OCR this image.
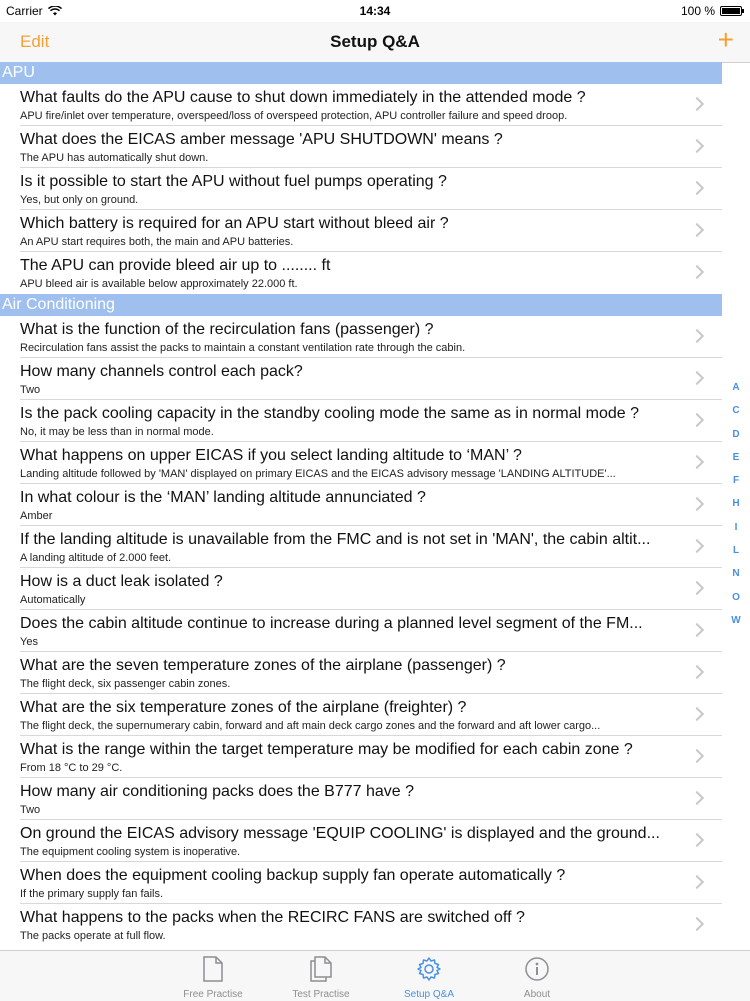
Carrier	14:34	100 %
Edit	Setup Q&A	+
APU
What faults do the APU cause to shut down immediately in the attended mode ?
APU fire/inlet over temperature, overspeed/loss of overspeed protection, APU controller failure and speed droop.
What does the EICAS amber message 'APU SHUTDOWN' means ?
The APU has automatically shut down.
Is it possible to start the APU without fuel pumps operating ?
Yes, but only on ground.
Which battery is required for an APU start without bleed air ?
An APU start requires both, the main and APU batteries.
The APU can provide bleed air up to ........ ft
APU bleed air is available below approximately 22.000 ft.
Air Conditioning
What is the function of the recirculation fans (passenger) ?
Recirculation fans assist the packs to maintain a constant ventilation rate through the cabin.
How many channels control each pack?
Two
Is the pack cooling capacity in the standby cooling mode the same as in normal mode ?
No, it may be less than in normal mode.
What happens on upper EICAS if you select landing altitude to ‘MAN’ ?
Landing altitude followed by 'MAN' displayed on primary EICAS and the EICAS advisory message 'LANDING ALTITUDE'...
In what colour is the ‘MAN’ landing altitude annunciated ?
Amber
If the landing altitude is unavailable from the FMC and is not set in 'MAN', the cabin altit...
A landing altitude of 2.000 feet.
How is a duct leak isolated ?
Automatically
Does the cabin altitude continue to increase during a planned level segment of the FM...
Yes
What are the seven temperature zones of the airplane (passenger) ?
The flight deck, six passenger cabin zones.
What are the six temperature zones of the airplane (freighter) ?
The flight deck, the supernumerary cabin, forward and aft main deck cargo zones and the forward and aft lower cargo...
What is the range within the target temperature may be modified for each cabin zone ?
From 18 °C to 29 °C.
How many air conditioning packs does the B777 have ?
Two
On ground the EICAS advisory message 'EQUIP COOLING' is displayed and the ground...
The equipment cooling system is inoperative.
When does the equipment cooling backup supply fan operate automatically ?
If the primary supply fan fails.
What happens to the packs when the RECIRC FANS are switched off ?
The packs operate at full flow.
A
C
D
E
F
H
I
L
N
O
W
Free Practise	Test Practise	Setup Q&A	About
